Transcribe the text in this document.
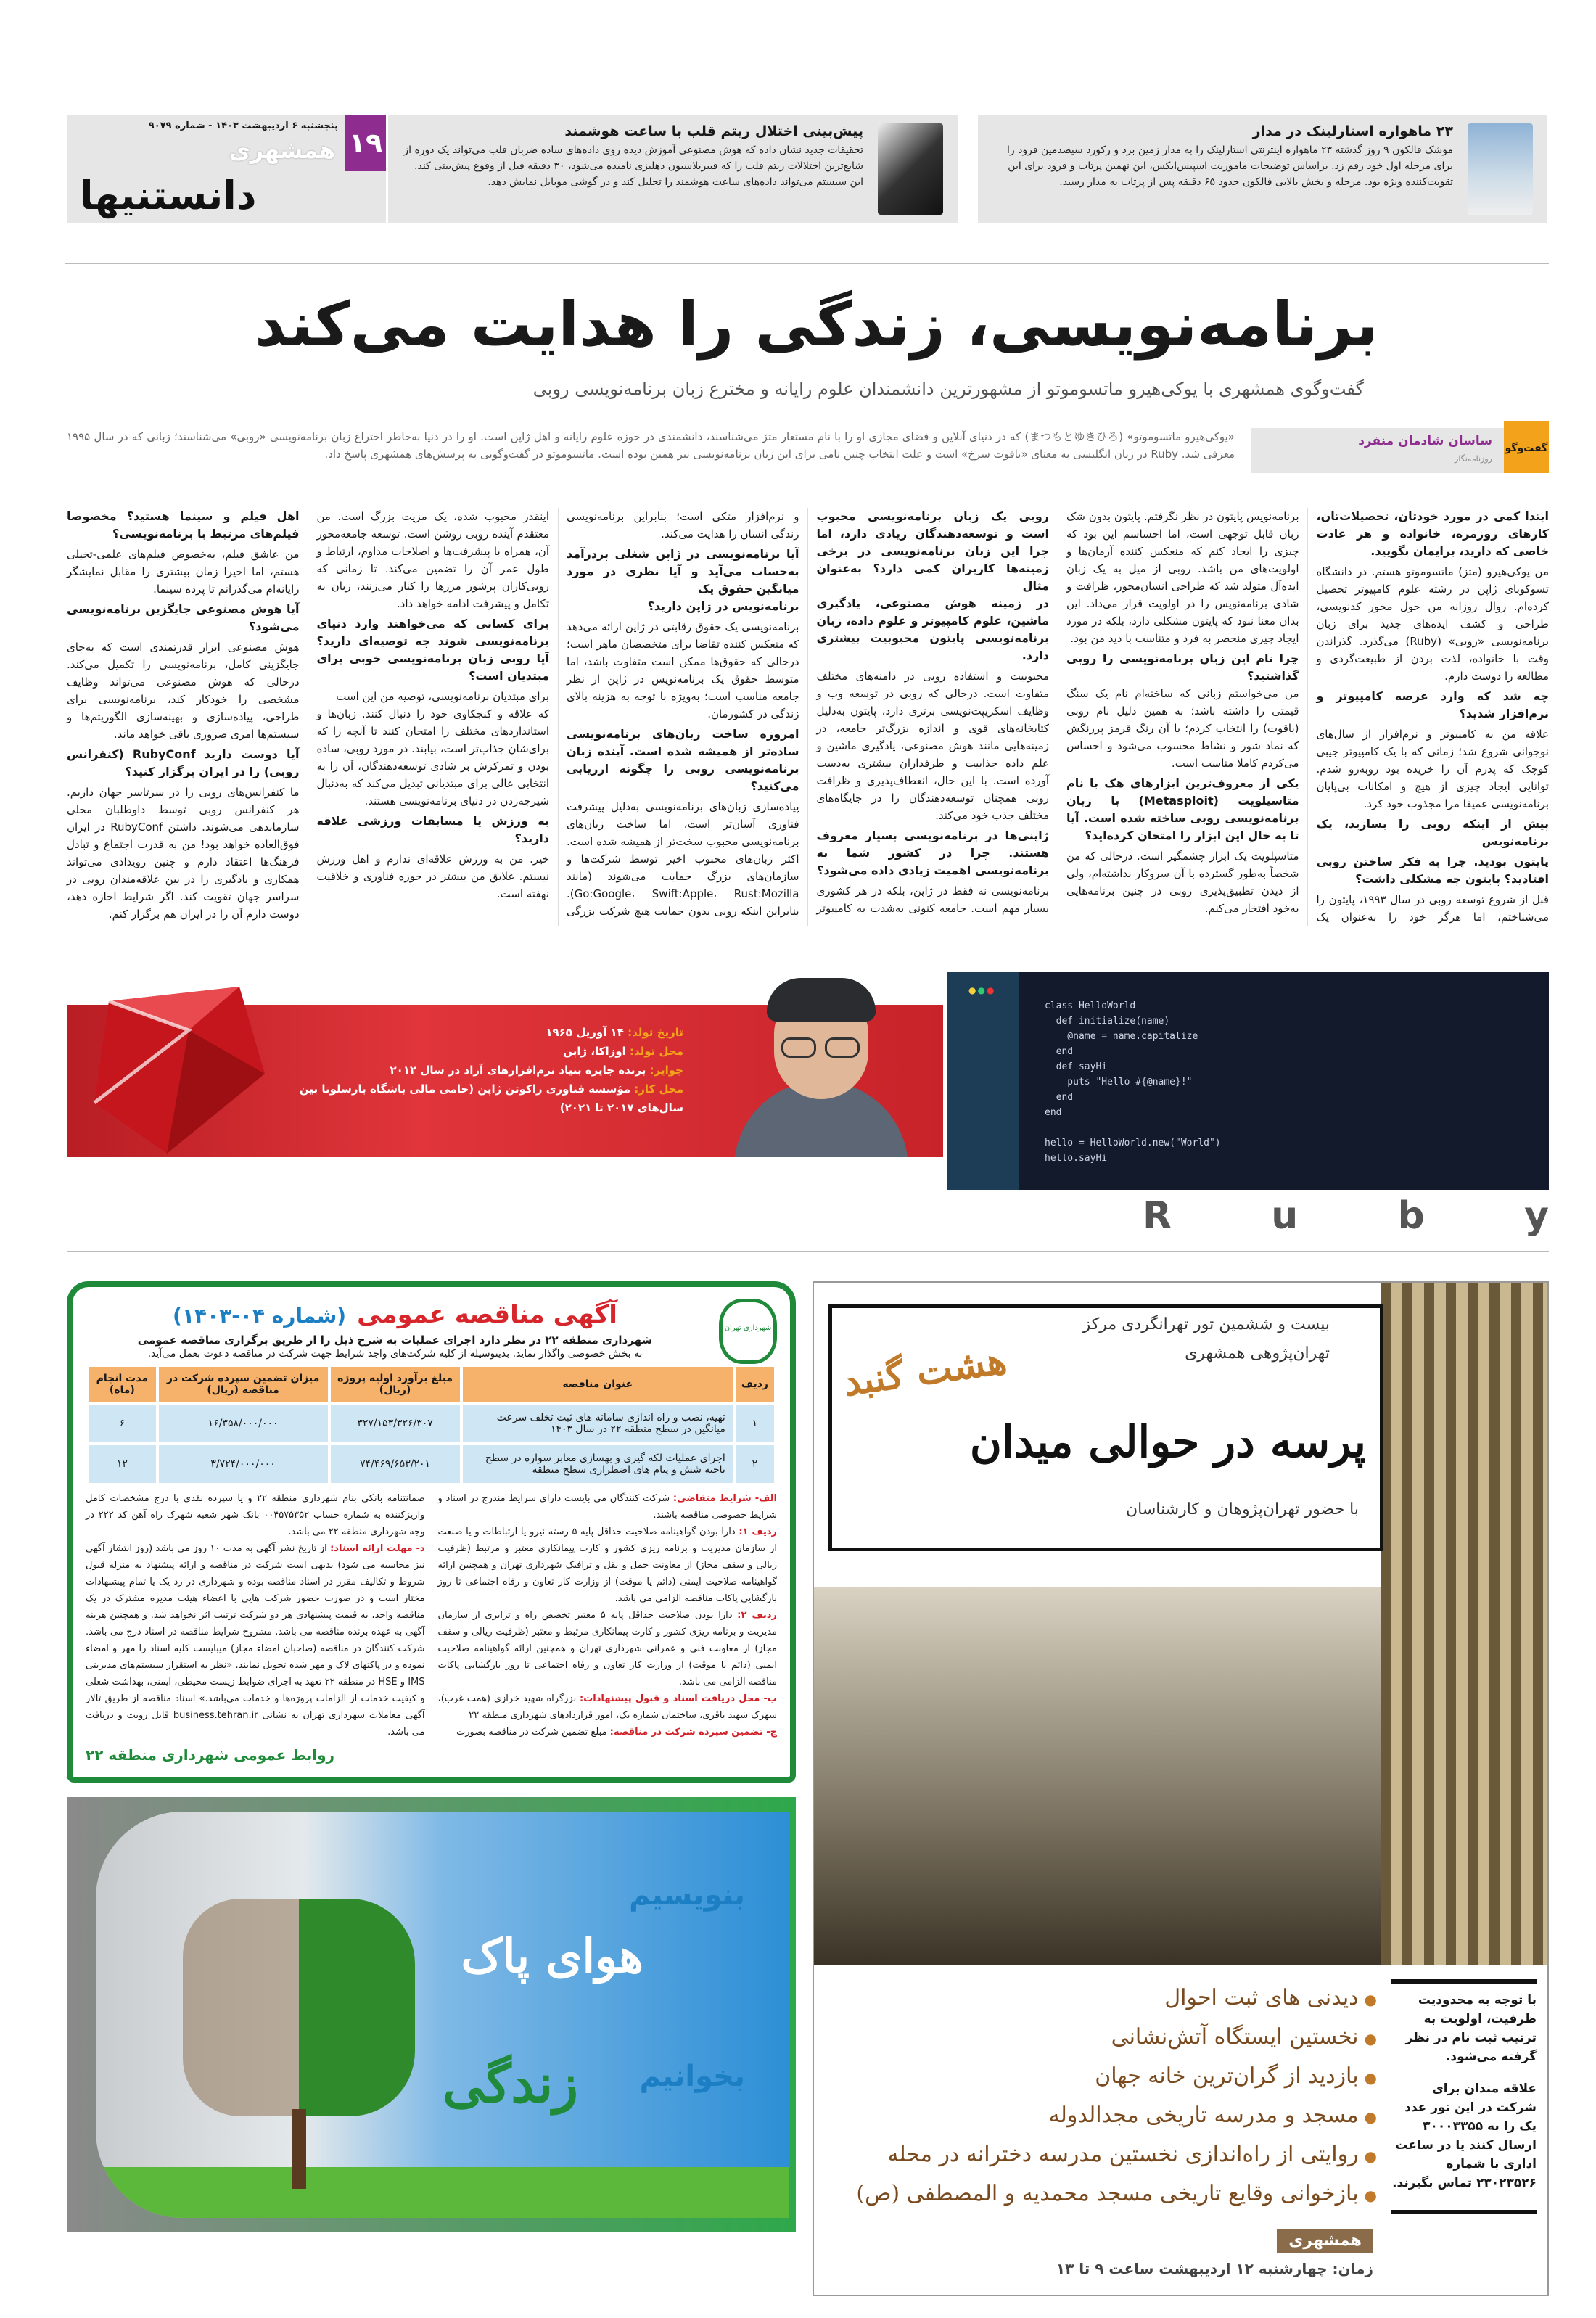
۱۹
پنجشنبه ۶ اردیبهشت ۱۴۰۳ - شماره ۹۰۷۹
همشهری
دانستنیها
پیش‌بینی اختلال ریتم قلب با ساعت هوشمند

تحقیقات جدید نشان داده که هوش مصنوعی آموزش دیده روی داده‌های ساده ضربان قلب می‌تواند یک دوره از شایع‌ترین اختلالات ریتم قلب را که فیبریلاسیون دهلیزی نامیده می‌شود، ۳۰ دقیقه قبل از وقوع پیش‌بینی کند. این سیستم می‌تواند داده‌های ساعت هوشمند را تحلیل کند و در گوشی موبایل نمایش دهد.

۲۳ ماهواره استارلینک در مدار

موشک فالکون ۹ روز گذشته ۲۳ ماهواره اینترنتی استارلینک را به مدار زمین برد و رکورد سیصدمین فرود را برای مرحله اول خود رقم زد. براساس توضیحات ماموریت اسپیس‌ایکس، این نهمین پرتاب و فرود برای این تقویت‌کننده ویژه بود. مرحله و بخش بالایی فالکون حدود ۶۵ دقیقه پس از پرتاب به مدار رسید.

برنامه‌نویسی، زندگی را هدایت می‌کند
گفت‌وگوی همشهری با یوکی‌هیرو ماتسوموتو از مشهورترین دانشمندان علوم رایانه و مخترع زبان برنامه‌نویسی روبی
گفت‌وگو
ساسان شادمان منفرد
روزنامه‌نگار
«یوکی‌هیرو ماتسوموتو» (まつもとゆきひろ) که در دنیای آنلاین و فضای مجازی او را با نام مستعار متز می‌شناسند، دانشمندی در حوزه علوم رایانه و اهل ژاپن است. او را در دنیا به‌خاطر اختراع زبان برنامه‌نویسی «روبی» می‌شناسند؛ زبانی که در سال ۱۹۹۵ معرفی شد. Ruby در زبان انگلیسی به معنای «یاقوت سرخ» است و علت انتخاب چنین نامی برای این زبان برنامه‌نویسی نیز همین بوده است. ماتسوموتو در گفت‌وگویی به پرسش‌های همشهری پاسخ داد.

ابتدا کمی در مورد خودتان، تحصیلات‌تان، کارهای روزمره، خانواده و هر عادت خاصی که دارید، برایمان بگویید.

من یوکی‌هیرو (متز) ماتسوموتو هستم. در دانشگاه تسوکوبای ژاپن در رشته علوم کامپیوتر تحصیل کرده‌ام. روال روزانه من حول محور کدنویسی، طراحی و کشف ایده‌های جدید برای زبان برنامه‌نویسی «روبی» (Ruby) می‌گذرد. گذراندن وقت با خانواده، لذت بردن از طبیعت‌گردی و مطالعه را دوست دارم.

چه شد که وارد عرصه کامپیوتر و نرم‌افزار شدید؟

علاقه من به کامپیوتر و نرم‌افزار از سال‌های نوجوانی شروع شد؛ زمانی که با یک کامپیوتر جیبی کوچک که پدرم آن را خریده بود روبه‌رو شدم. توانایی ایجاد چیزی از هیچ و امکانات بی‌پایان برنامه‌نویسی عمیقا مرا مجذوب خود کرد.

پیش از اینکه روبی را بسازید، یک برنامه‌نویس

پایتون بودید. چرا به فکر ساختن روبی افتادید؟ پایتون چه مشکلی داشت؟

قبل از شروع توسعه روبی در سال ۱۹۹۳، پایتون را می‌شناختم، اما هرگز خود را به‌عنوان یک برنامه‌نویس پایتون در نظر نگرفتم. پایتون بدون شک زبان قابل توجهی است، اما احساسم این بود که چیزی را ایجاد کنم که منعکس کننده آرمان‌ها و اولویت‌های من باشد. روبی از میل به یک زبان ایده‌آل متولد شد که طراحی انسان‌محور، ظرافت و شادی برنامه‌نویس را در اولویت قرار می‌داد. این بدان معنا نبود که پایتون مشکلی دارد، بلکه در مورد ایجاد چیزی منحصر به فرد و متناسب با دید من بود.

چرا نام این زبان برنامه‌نویسی را روبی گذاشتید؟

من می‌خواستم زبانی که ساخته‌ام نام یک سنگ قیمتی را داشته باشد؛ به همین دلیل نام روبی (یاقوت) را انتخاب کردم؛ با آن رنگ قرمز پررنگش که نماد شور و نشاط محسوب می‌شود و احساس می‌کردم کاملا مناسب است.

یکی از معروف‌ترین ابزارهای هک با نام متاسپلویت (Metasploit) با زبان برنامه‌نویسی روبی ساخته شده است. آیا تا به حال این ابزار را امتحان کرده‌اید؟

متاسپلویت یک ابزار چشمگیر است. درحالی که من شخصاً به‌طور گسترده با آن سروکار نداشته‌ام، ولی از دیدن تطبیق‌پذیری روبی در چنین برنامه‌هایی به‌خود افتخار می‌کنم.

روبی یک زبان برنامه‌نویسی محبوب است و توسعه‌دهندگان زیادی دارد، اما چرا این زبان برنامه‌نویسی در برخی زمینه‌ها کاربران کمی دارد؟ به‌عنوان مثال

در زمینه هوش مصنوعی، یادگیری ماشین، علوم کامپیوتر و علوم داده، زبان برنامه‌نویسی پایتون محبوبیت بیشتری دارد.

محبوبیت و استفاده روبی در دامنه‌های مختلف متفاوت است. درحالی که روبی در توسعه وب و وظایف اسکریپت‌نویسی برتری دارد، پایتون به‌دلیل کتابخانه‌های قوی و اندازه بزرگ‌تر جامعه، در زمینه‌هایی مانند هوش مصنوعی، یادگیری ماشین و علم داده جذابیت و طرفداران بیشتری به‌دست آورده است. با این حال، انعطاف‌پذیری و ظرافت روبی همچنان توسعه‌دهندگان را در جایگاه‌های مختلف جذب خود می‌کند.

ژاپنی‌ها در برنامه‌نویسی بسیار معروف هستند. چرا در کشور شما به برنامه‌نویسی اهمیت زیادی داده می‌شود؟

برنامه‌نویسی نه فقط در ژاپن، بلکه در هر کشوری بسیار مهم است. جامعه کنونی به‌شدت به کامپیوتر و نرم‌افزار متکی است؛ بنابراین برنامه‌نویسی زندگی انسان را هدایت می‌کند.

آیا برنامه‌نویسی در ژاپن شغلی پردرآمد به‌حساب می‌آید و آیا نظری در مورد میانگین حقوق یک

برنامه‌نویس در ژاپن دارید؟

برنامه‌نویسی یک حقوق رقابتی در ژاپن ارائه می‌دهد که منعکس کننده تقاضا برای متخصصان ماهر است؛ درحالی که حقوق‌ها ممکن است متفاوت باشد، اما متوسط حقوق یک برنامه‌نویس در ژاپن از نظر جامعه مناسب است؛ به‌ویژه با توجه به هزینه بالای زندگی در کشورمان.

امروزه ساخت زبان‌های برنامه‌نویسی ساده‌تر از همیشه شده است. آینده زبان برنامه‌نویسی روبی را چگونه ارزیابی می‌کنید؟

پیاده‌سازی زبان‌های برنامه‌نویسی به‌دلیل پیشرفت فناوری آسان‌تر است، اما ساخت زبان‌های برنامه‌نویسی محبوب سخت‌تر از همیشه شده است. اکثر زبان‌های محبوب اخیر توسط شرکت‌ها و سازمان‌های بزرگ حمایت می‌شوند (مانند Go:Google، Swift:Apple، Rust:Mozilla). بنابراین اینکه روبی بدون حمایت هیچ شرکت بزرگی اینقدر محبوب شده، یک مزیت بزرگ است. من معتقدم آینده روبی روشن است. توسعه جامعه‌محور آن، همراه با پیشرفت‌ها و اصلاحات مداوم، ارتباط و طول عمر آن را تضمین می‌کند. تا زمانی که روبی‌کاران پرشور مرزها را کنار می‌زنند، زبان به تکامل و پیشرفت ادامه خواهد داد.

برای کسانی که می‌خواهند وارد دنیای برنامه‌نویسی شوند چه توصیه‌ای دارید؟ آیا روبی زبان برنامه‌نویسی خوبی برای مبتدیان است؟

برای مبتدیان برنامه‌نویسی، توصیه من این است

که علاقه و کنجکاوی خود را دنبال کنند. زبان‌ها و استانداردهای مختلف را امتحان کنند تا آنچه را که برای‌شان جذاب‌تر است، بیابند. در مورد روبی، ساده بودن و تمرکزش بر شادی توسعه‌دهندگان، آن را به انتخابی عالی برای مبتدیانی تبدیل می‌کند که به‌دنبال شیرجه‌زدن در دنیای برنامه‌نویسی هستند.

به ورزش یا مسابقات ورزشی علاقه دارید؟

خیر. من به ورزش علاقه‌ای ندارم و اهل ورزش نیستم. علایق من بیشتر در حوزه فناوری و خلاقیت نهفته است.

اهل فیلم و سینما هستید؟ مخصوصا فیلم‌های مرتبط با برنامه‌نویسی؟

من عاشق فیلم، به‌خصوص فیلم‌های علمی-تخیلی هستم، اما اخیرا زمان بیشتری را مقابل نمایشگر رایانه‌ام می‌گذرانم تا پرده سینما.

آیا هوش مصنوعی جایگزین برنامه‌نویسی می‌شود؟

هوش مصنوعی ابزار قدرتمندی است که به‌جای جایگزینی کامل، برنامه‌نویسی را تکمیل می‌کند. درحالی که هوش مصنوعی می‌تواند وظایف مشخصی را خودکار کند، برنامه‌نویسی برای طراحی، پیاده‌سازی و بهینه‌سازی الگوریتم‌ها و سیستم‌ها امری ضروری باقی خواهد ماند.

آیا دوست دارید RubyConf (کنفرانس روبی) را در ایران برگزار کنید؟

ما کنفرانس‌های روبی را در سرتاسر جهان داریم. هر کنفرانس روبی توسط داوطلبان محلی سازماندهی می‌شوند. داشتن RubyConf در ایران فوق‌العاده خواهد بود! من به قدرت اجتماع و تبادل فرهنگ‌ها اعتقاد دارم و چنین رویدادی می‌تواند همکاری و یادگیری را در بین علاقه‌مندان روبی در سراسر جهان تقویت کند. اگر شرایط اجازه دهد، دوست دارم آن را در ایران هم برگزار کنم.

تاریخ تولد: ۱۴ آوریل ۱۹۶۵
محل تولد: اوزاکا، ژاپن
جوایز: برنده جایزه بنیاد نرم‌افزارهای آزاد در سال ۲۰۱۲
محل کار: مؤسسه فناوری راکوتن ژاپن (حامی مالی باشگاه بارسلونا بین سال‌های ۲۰۱۷ تا ۲۰۲۱)
●●●
class HelloWorld
def initialize(name)
@name = name.capitalize
end
def sayHi
puts "Hello #{@name}!"
end
end
hello = HelloWorld.new("World")
hello.sayHi
R	u	b	y
شهرداری تهران
آگهی مناقصه عمومی (شماره ۰۴-۱۴۰۳)
شهرداری منطقه ۲۲ در نظر دارد اجرای عملیات به شرح ذیل را از طریق برگزاری مناقصه عمومی
به بخش خصوصی واگذار نماید. بدینوسیله از کلیه شرکت‌های واجد شرایط جهت شرکت در مناقصه دعوت بعمل می‌آید.
ردیف	عنوان مناقصه	مبلغ برآورد اولیه پروژه (ریال)	میزان تضمین سپرده شرکت در مناقصه (ریال)	مدت انجام (ماه)
۱	تهیه، نصب و راه اندازی سامانه های ثبت تخلف سرعت میانگین در سطح منطقه ۲۲ در سال ۱۴۰۳	۳۲۷/۱۵۳/۳۲۶/۳۰۷	۱۶/۳۵۸/۰۰۰/۰۰۰	۶
۲	اجرای عملیات لکه گیری و بهسازی معابر سواره در سطح ناحیه شش و پیام های اضطراری سطح منطقه	۷۴/۴۶۹/۶۵۳/۲۰۱	۳/۷۲۴/۰۰۰/۰۰۰	۱۲

الف- شرایط متقاضی: شرکت کنندگان می بایست دارای شرایط مندرج در اسناد و شرایط خصوصی مناقصه باشند.

ردیف ۱: دارا بودن گواهینامه صلاحیت حداقل پایه ۵ رسته نیرو یا ارتباطات و یا صنعت از سازمان مدیریت و برنامه ریزی کشور و کارت پیمانکاری معتبر و مرتبط (ظرفیت ریالی و سقف مجاز) از معاونت حمل و نقل و ترافیک شهرداری تهران و همچنین ارائه گواهینامه صلاحیت ایمنی (دائم یا موقت) از وزارت کار تعاون و رفاه اجتماعی تا روز بازگشایی پاکات مناقصه الزامی می باشد.

ردیف ۲: دارا بودن صلاحیت حداقل پایه ۵ معتبر تخصص راه و ترابری از سازمان مدیریت و برنامه ریزی کشور و کارت پیمانکاری مرتبط و معتبر (ظرفیت ریالی و سقف مجاز) از معاونت فنی و عمرانی شهرداری تهران و همچنین ارائه گواهینامه صلاحیت ایمنی (دائم یا موقت) از وزارت کار تعاون و رفاه اجتماعی تا روز بازگشایی پاکات مناقصه الزامی می باشد.

ب- محل دریافت اسناد و قبول پیشنهادات: بزرگراه شهید خرازی (همت غرب)، شهرک شهید باقری، ساختمان شماره یک، امور قراردادهای شهرداری منطقه ۲۲

ج- تضمین سپرده شرکت در مناقصه: مبلغ تضمین شرکت در مناقصه بصورت

ضمانتنامه بانکی بنام شهرداری منطقه ۲۲ و یا سپرده نقدی با درج مشخصات کامل واریزکننده به شماره حساب ۰۰۴۵۷۵۳۵۲ بانک شهر شعبه شهرک راه آهن کد ۲۲۲ در وجه شهرداری منطقه ۲۲ می باشد.

د- مهلت ارائه اسناد: از تاریخ نشر آگهی به مدت ۱۰ روز می باشد (روز انتشار آگهی نیز محاسبه می شود) بدیهی است شرکت در مناقصه و ارائه پیشنهاد به منزله قبول شروط و تکالیف مقرر در اسناد مناقصه بوده و شهرداری در رد یک یا تمام پیشنهادات مختار است و در صورت حضور شرکت هایی با اعضاء هیئت مدیره مشترک در یک مناقصه واحد، به قیمت پیشنهادی هر دو شرکت ترتیب اثر نخواهد شد. و همچنین هزینه آگهی به عهده برنده مناقصه می باشد. مشروح شرایط مناقصه در اسناد درج می باشد. شرکت کنندگان در مناقصه (صاحبان امضاء مجاز) میبایست کلیه اسناد را مهر و امضاء نموده و در پاکتهای لاک و مهر شده تحویل نمایند. «نظر به استقرار سیستم‌های مدیریتی IMS و HSE در منطقه ۲۲ تعهد به اجرای ضوابط زیست محیطی، ایمنی، بهداشت شغلی و کیفیت خدمات از الزامات پروژه‌ها و خدمات می‌باشد.» اسناد مناقصه از طریق تالار آگهی معاملات شهرداری تهران به نشانی business.tehran.ir قابل رویت و دریافت می باشد.

روابط عمومی شهرداری منطقه ۲۲
بنویسیم
هوای پاک
بخوانیم
زندگی
بیست و ششمین تور تهرانگردی مرکز
تهران‌پژوهی همشهری
هشت گنبد
پرسه در حوالی میدان
با حضور تهران‌پژوهان و کارشناسان

با توجه به محدودیت ظرفیت، اولویت به ترتیب ثبت نام در نظر گرفته می‌شود.

علاقه مندان برای شرکت در این تور عدد یک را به ۳۰۰۰۳۳۵۵ ارسال کنند یا در ساعت اداری با شماره ۲۳۰۲۳۵۲۶ تماس بگیرند.

● دیدنی های ثبت احوال
● نخستین ایستگاه آتش‌نشانی
● بازدید از گران‌ترین خانه جهان
● مسجد و مدرسه تاریخی مجدالدوله
● روایتی از راه‌اندازی نخستین مدرسه دخترانه در محله
● بازخوانی وقایع تاریخی مسجد محمدیه و المصطفی (ص)
همشهری
زمان: چهارشنبه ۱۲ اردیبهشت ساعت ۹ تا ۱۳
